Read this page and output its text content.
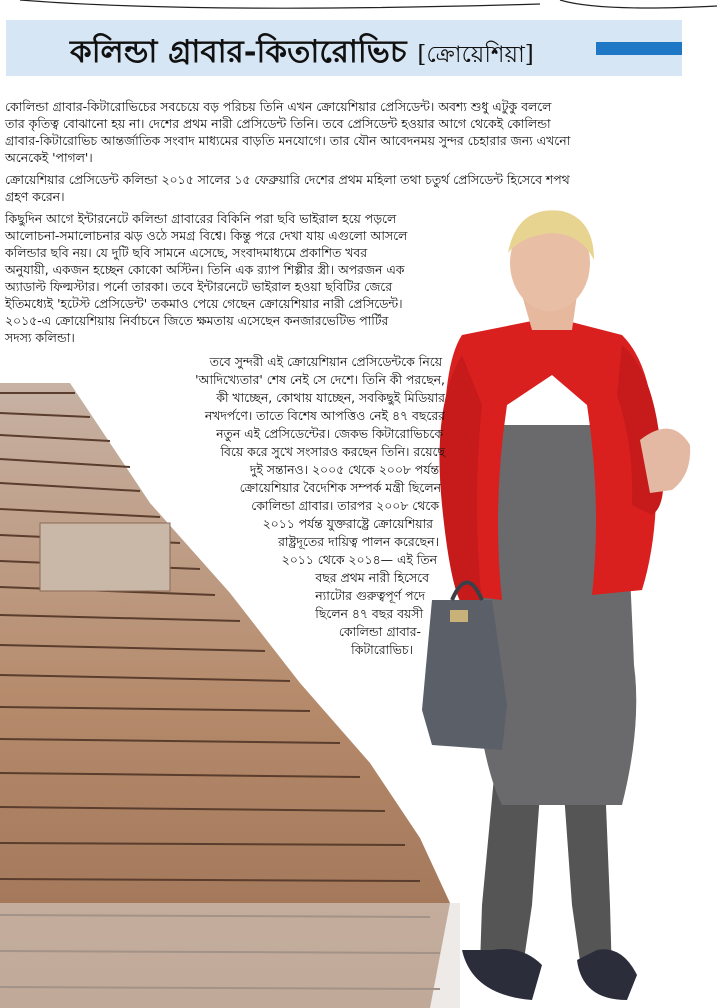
কলিন্ডা গ্রাবার-কিতারোভিচ [ক্রোয়েশিয়া]
কোলিন্ডা গ্রাবার-কিটারোভিচের সবচেয়ে বড় পরিচয় তিনি এখন ক্রোয়েশিয়ার প্রেসিডেন্ট। অবশ্য শুধু এটুকু বললে
তার কৃতিত্ব বোঝানো হয় না। দেশের প্রথম নারী প্রেসিডেন্ট তিনি। তবে প্রেসিডেন্ট হওয়ার আগে থেকেই কোলিন্ডা
গ্রাবার-কিটারোভিচ আন্তর্জাতিক সংবাদ মাধ্যমের বাড়তি মনযোগে। তার যৌন আবেদনময় সুন্দর চেহারার জন্য এখনো
অনেকেই 'পাগল'।
ক্রোয়েশিয়ার প্রেসিডেন্ট কলিন্ডা ২০১৫ সালের ১৫ ফেব্রুয়ারি দেশের প্রথম মহিলা তথা চতুর্থ প্রেসিডেন্ট হিসেবে শপথ
গ্রহণ করেন।
কিছুদিন আগে ইন্টারনেটে কলিন্ডা গ্রাবারের বিকিনি পরা ছবি ভাইরাল হয়ে পড়লে
আলোচনা-সমালোচনার ঝড় ওঠে সমগ্র বিশ্বে। কিন্তু পরে দেখা যায় এগুলো আসলে
কলিন্ডার ছবি নয়। যে দুটি ছবি সামনে এসেছে, সংবাদমাধ্যমে প্রকাশিত খবর
অনুযায়ী, একজন হচ্ছেন কোকো অস্টিন। তিনি এক র‍্যাপ শিল্পীর স্ত্রী। অপরজন এক
অ্যাডাল্ট ফিল্মস্টার। পর্নো তারকা। তবে ইন্টারনেটে ভাইরাল হওয়া ছবিটির জেরে
ইতিমধ্যেই 'হটেস্ট প্রেসিডেন্ট' তকমাও পেয়ে গেছেন ক্রোয়েশিয়ার নারী প্রেসিডেন্ট।
২০১৫-এ ক্রোয়েশিয়ায় নির্বাচনে জিতে ক্ষমতায় এসেছেন কনজারভেটিভ পার্টির
সদস্য কলিন্ডা।
তবে সুন্দরী এই ক্রোয়েশিয়ান প্রেসিডেন্টকে নিয়ে
'আদিখ্যেতার' শেষ নেই সে দেশে। তিনি কী পরছেন,
কী খাচ্ছেন, কোথায় যাচ্ছেন, সবকিছুই মিডিয়ার
নখদর্পণে। তাতে বিশেষ আপত্তিও নেই ৪৭ বছরের
নতুন এই প্রেসিডেন্টের। জেকভ কিটারোভিচকে
বিয়ে করে সুখে সংসারও করছেন তিনি। রয়েছে
দুই সন্তানও। ২০০৫ থেকে ২০০৮ পর্যন্ত
ক্রোয়েশিয়ার বৈদেশিক সম্পর্ক মন্ত্রী ছিলেন
কোলিন্ডা গ্রাবার। তারপর ২০০৮ থেকে
২০১১ পর্যন্ত যুক্তরাষ্ট্রে ক্রোয়েশিয়ার
রাষ্ট্রদূতের দায়িত্ব পালন করেছেন।
২০১১ থেকে ২০১৪— এই তিন
বছর প্রথম নারী হিসেবে
ন্যাটোর গুরুত্বপূর্ণ পদে
ছিলেন ৪৭ বছর বয়সী
কোলিন্ডা গ্রাবার-
কিটারোভিচ।
